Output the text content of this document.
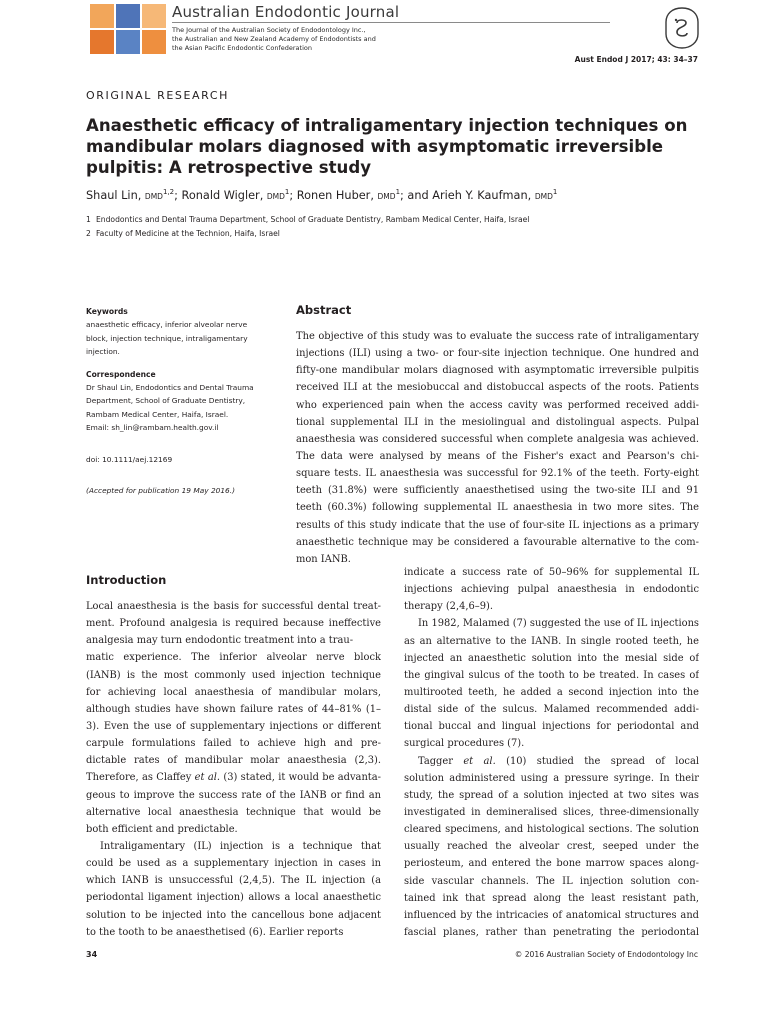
Australian Endodontic Journal
The Journal of the Australian Society of Endodontology Inc.,
the Australian and New Zealand Academy of Endodontists and
the Asian Pacific Endodontic Confederation
Aust Endod J 2017; 43: 34–37
ORIGINAL RESEARCH
Anaesthetic efficacy of intraligamentary injection techniques on
mandibular molars diagnosed with asymptomatic irreversible
pulpitis: A retrospective study
Shaul Lin, DMD$^{1,2}$; Ronald Wigler, DMD$^1$; Ronen Huber, DMD$^1$; and Arieh Y. Kaufman, DMD$^1$
1 Endodontics and Dental Trauma Department, School of Graduate Dentistry, Rambam Medical Center, Haifa, Israel
2 Faculty of Medicine at the Technion, Haifa, Israel
Keywords
anaesthetic efficacy, inferior alveolar nerve
block, injection technique, intraligamentary
injection.
Correspondence
Dr Shaul Lin, Endodontics and Dental Trauma
Department, School of Graduate Dentistry,
Rambam Medical Center, Haifa, Israel.
Email: sh_lin@rambam.health.gov.il
doi: 10.1111/aej.12169
(Accepted for publication 19 May 2016.)
Abstract
The objective of this study was to evaluate the success rate of intraligamentary
injections (ILI) using a two- or four-site injection technique. One hundred and
fifty-one mandibular molars diagnosed with asymptomatic irreversible pulpitis
received ILI at the mesiobuccal and distobuccal aspects of the roots. Patients
who experienced pain when the access cavity was performed received addi-
tional supplemental ILI in the mesiolingual and distolingual aspects. Pulpal
anaesthesia was considered successful when complete analgesia was achieved.
The data were analysed by means of the Fisher's exact and Pearson's chi-
square tests. IL anaesthesia was successful for 92.1% of the teeth. Forty-eight
teeth (31.8%) were sufficiently anaesthetised using the two-site ILI and 91
teeth (60.3%) following supplemental IL anaesthesia in two more sites. The
results of this study indicate that the use of four-site IL injections as a primary
anaesthetic technique may be considered a favourable alternative to the com-
mon IANB.
Introduction
Local anaesthesia is the basis for successful dental treat-
ment. Profound analgesia is required because ineffective
analgesia may turn endodontic treatment into a trau-
matic experience. The inferior alveolar nerve block
(IANB) is the most commonly used injection technique
for achieving local anaesthesia of mandibular molars,
although studies have shown failure rates of 44–81% (1–
3). Even the use of supplementary injections or different
carpule formulations failed to achieve high and pre-
dictable rates of mandibular molar anaesthesia (2,3).
Therefore, as Claffey et al. (3) stated, it would be advanta-
geous to improve the success rate of the IANB or find an
alternative local anaesthesia technique that would be
both efficient and predictable.
Intraligamentary (IL) injection is a technique that
could be used as a supplementary injection in cases in
which IANB is unsuccessful (2,4,5). The IL injection (a
periodontal ligament injection) allows a local anaesthetic
solution to be injected into the cancellous bone adjacent
to the tooth to be anaesthetised (6). Earlier reports
indicate a success rate of 50–96% for supplemental IL
injections achieving pulpal anaesthesia in endodontic
therapy (2,4,6–9).
In 1982, Malamed (7) suggested the use of IL injections
as an alternative to the IANB. In single rooted teeth, he
injected an anaesthetic solution into the mesial side of
the gingival sulcus of the tooth to be treated. In cases of
multirooted teeth, he added a second injection into the
distal side of the sulcus. Malamed recommended addi-
tional buccal and lingual injections for periodontal and
surgical procedures (7).
Tagger et al. (10) studied the spread of local
solution administered using a pressure syringe. In their
study, the spread of a solution injected at two sites was
investigated in demineralised slices, three-dimensionally
cleared specimens, and histological sections. The solution
usually reached the alveolar crest, seeped under the
periosteum, and entered the bone marrow spaces along-
side vascular channels. The IL injection solution con-
tained ink that spread along the least resistant path,
influenced by the intricacies of anatomical structures and
fascial planes, rather than penetrating the periodontal
34	© 2016 Australian Society of Endodontology Inc
